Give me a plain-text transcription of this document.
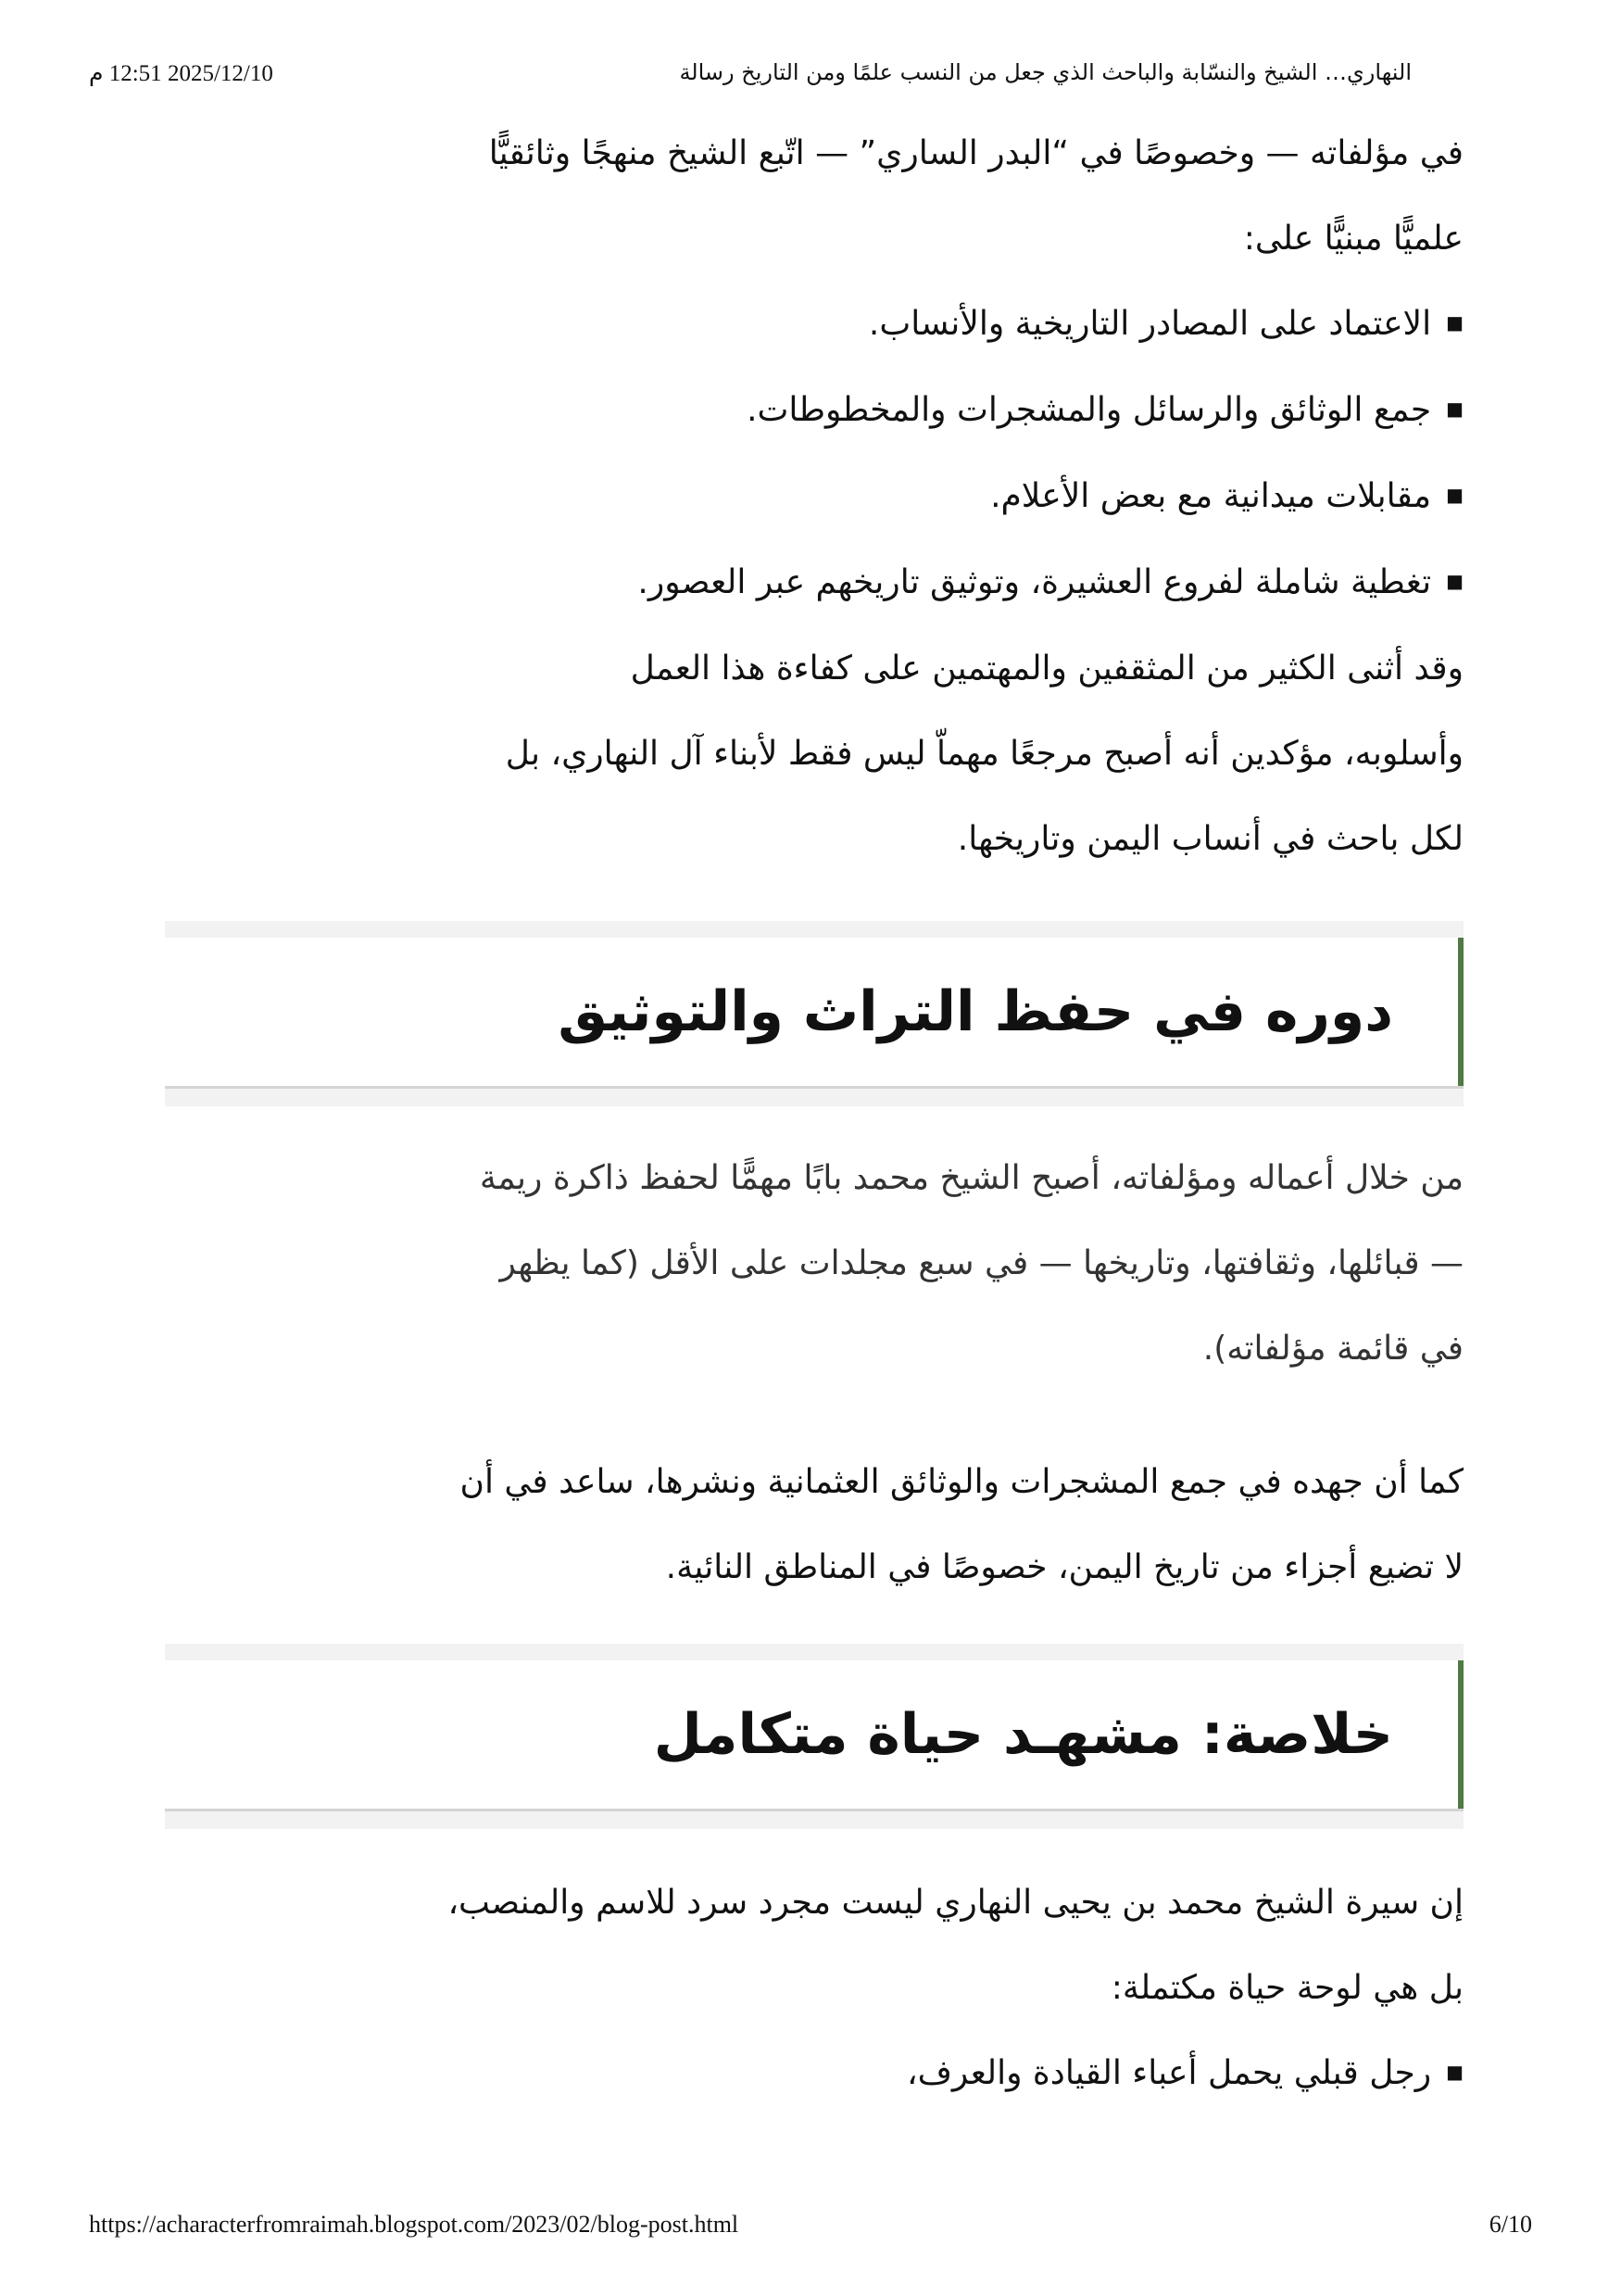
2025/12/10 12:51 م	النهاري… الشيخ والنسّابة والباحث الذي جعل من النسب علمًا ومن التاريخ رسالة

في مؤلفاته — وخصوصًا في “البدر الساري” — اتّبع الشيخ منهجًا وثائقيًّا

علميًّا مبنيًّا على:

■الاعتماد على المصادر التاريخية والأنساب.
■جمع الوثائق والرسائل والمشجرات والمخطوطات.
■مقابلات ميدانية مع بعض الأعلام.
■تغطية شاملة لفروع العشيرة، وتوثيق تاريخهم عبر العصور.

وقد أثنى الكثير من المثقفين والمهتمين على كفاءة هذا العمل

وأسلوبه، مؤكدين أنه أصبح مرجعًا مهماّ ليس فقط لأبناء آل النهاري، بل

لكل باحث في أنساب اليمن وتاريخها.

دوره في حفظ التراث والتوثيق

من خلال أعماله ومؤلفاته، أصبح الشيخ محمد بابًا مهمًّا لحفظ ذاكرة ريمة

— قبائلها، وثقافتها، وتاريخها — في سبع مجلدات على الأقل (كما يظهر

في قائمة مؤلفاته).

كما أن جهده في جمع المشجرات والوثائق العثمانية ونشرها، ساعد في أن

لا تضيع أجزاء من تاريخ اليمن، خصوصًا في المناطق النائية.

خلاصة: مشهـد حياة متكامل

إن سيرة الشيخ محمد بن يحيى النهاري ليست مجرد سرد للاسم والمنصب،

بل هي لوحة حياة مكتملة:

■رجل قبلي يحمل أعباء القيادة والعرف،
https://acharacterfromraimah.blogspot.com/2023/02/blog-post.html	6/10
